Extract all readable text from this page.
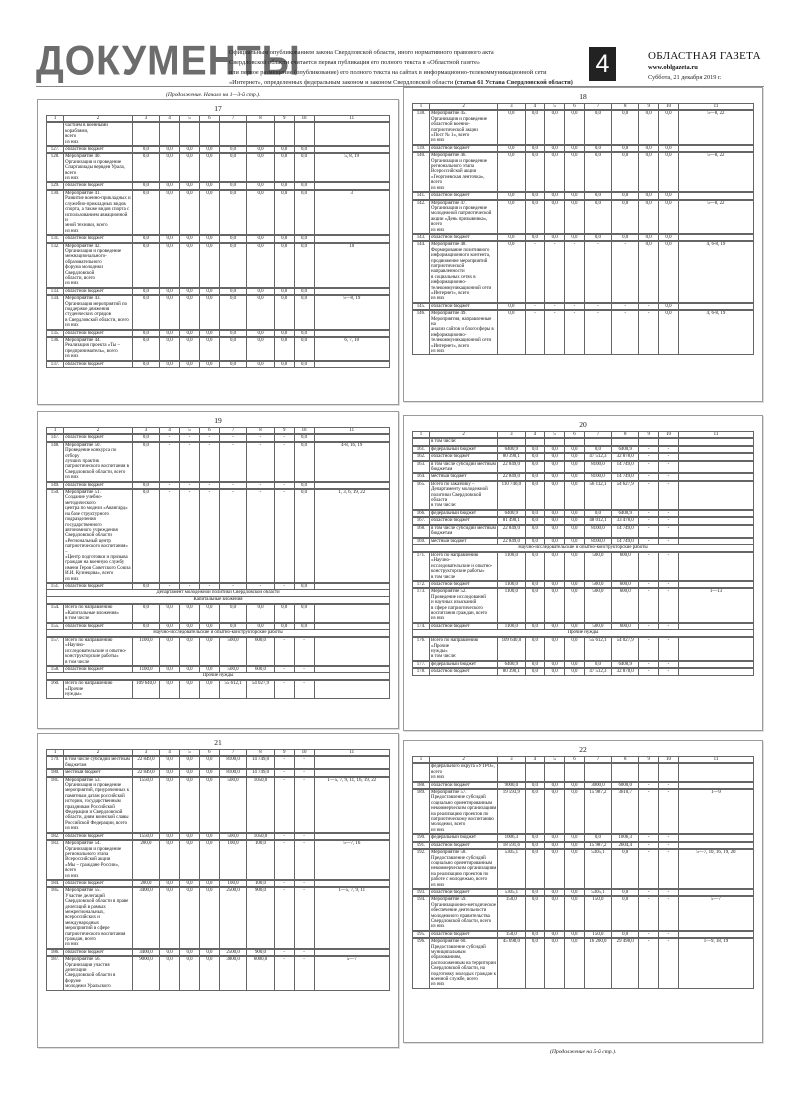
ДОКУМЕНТЫ
Официальным опубликованием закона Свердловской области, иного нормативного правового акта
Свердловской области считается первая публикация его полного текста в «Областной газете»
или первое размещение (опубликование) его полного текста на сайтах в информационно-телекоммуникационной сети
«Интернет», определенных федеральным законом и законом Свердловской области (статья 61 Устава Свердловской области)
4	ОБЛАСТНАЯ ГАЗЕТА
www.oblgazeta.ru
Суббота, 21 декабря 2019 г.
(Продолжение. Начало на 1—3-й стр.).
17
1	2	3	4	5	6	7	8	9	10	11
частием в военными кораблями,
всего
из них
127.	областной бюджет	0,0	0,0	0,0	0,0	0,0	0,0	0,0	0,0
128.	Мероприятие 40.
Организация и проведение
Спартакиады вервдев Урала,
всего
из них
0,0	0,0	0,0	0,0	0,0	0,0	0,0	0,0	5, 8, 19
129.	областной бюджет	0,0	0,0	0,0	0,0	0,0	0,0	0,0	0,0
130.	Мероприятие 41.
Развитие военно-прикладных и
служебно-прикладных видов
спорта, а также видов спорта с
использованием авиационной и
мной техники, всего
из них
0,0	0,0	0,0	0,0	0,0	0,0	0,0	0,0	3
131.	областной бюджет	0,0	0,0	0,0	0,0	0,0	0,0	0,0	0,0
132.	Мероприятие 42.
Организация и проведение
межнационального-образовательного
форума молодежи Свердловской
области, всего
из них
0,0	0,0	0,0	0,0	0,0	0,0	0,0	0,0	10
133.	областной бюджет	0,0	0,0	0,0	0,0	0,0	0,0	0,0	0,0
134.	Мероприятие 43.
Организация мероприятий по
поддержке движения
студенческих отрядов
в Свердловской области, всего
из них
0,0	0,0	0,0	0,0	0,0	0,0	0,0	0,0	5—8, 19
135.	областной бюджет	0,0	0,0	0,0	0,0	0,0	0,0	0,0	0,0
136.	Мероприятие 44.
Реализация проекта «Ты –
предприниматель», всего
из них
0,0	0,0	0,0	0,0	0,0	0,0	0,0	0,0	6, 7, 10
137.	областной бюджет	0,0	0,0	0,0	0,0	0,0	0,0	0,0	0,0
18
1	2	3	4	5	6	7	8	9	10	11
138.	Мероприятие 45.
Организация и проведение
областной военно-
патриотической акции
«Пост № 1», всего
из них
0,0	0,0	0,0	0,0	0,0	0,0	0,0	0,0	5—8, 22
139.	областной бюджет	0,0	0,0	0,0	0,0	0,0	0,0	0,0	0,0
140.	Мероприятие 46.
Организация и проведение
регионального этапа
Всероссийской акции
«Георгиевская ленточка», всего
из них
0,0	0,0	0,0	0,0	0,0	0,0	0,0	0,0	5—8, 22
141.	областной бюджет	0,0	0,0	0,0	0,0	0,0	0,0	0,0	0,0
142.	Мероприятие 47.
Организация и проведение
молодежной патриотической
акции «День призывника», всего
из них
0,0	0,0	0,0	0,0	0,0	0,0	0,0	0,0	5—8, 22
143.	областной бюджет	0,0	0,0	0,0	0,0	0,0	0,0	0,0	0,0
144.	Мероприятие 48.
Формирование позитивного
информационного контента,
продвижение мероприятий
патриотической направленности
в социальных сетях в
информационно-
телекоммуникационной сети
«Интернет», всего
из них
0,0	-	-	-	-	-	0,0	0,0	4, 6-8, 19
145.	областной бюджет	0,0	-	-	-	-	-	-	0,0
146.	Мероприятие 49.
Мероприятия, направленные на
анализ сайтов и блогосферы в
информационно-
телекоммуникационной сети
«Интернет», всего
из них
0,0	-	-	-	-	-	-	0,0	4, 6-8, 19
19
1	2	3	4	5	6	7	8	9	10	11
147.	областной бюджет	0,0	-	-	-	-	-	-	0,0
148.	Мероприятие 50.
Проведение конкурса по отбору
лучших практик
патриотического воспитания в
Свердловской области, всего
из них
0,0	-	-	-	-	-	-	0,0	4-8, 16, 19
149.	областной бюджет	0,0	-	-	-	-	-	-	0,0
150.	Мероприятие 51.
Создание учебно-методического
центра по модели «Авангард»
на базе структурного
подразделения государственного
автономного учреждения
Свердловской области
«Региональный центр
патриотического воспитания» –
«Центр подготовки и призыва
граждан на военную службу
имени Героя Советского Союза
И.И. Кузнецова», всего
из них
0,0	-	-	-	-	-	-	0,0	1, 3, 6, 19, 22
151.	областной бюджет	0,0	-	-	-	-	-	-	0,0
Департамент молодежной политики Свердловской области
Капитальные вложения
154.	Всего по направлению
«Капитальные вложения»
в том числе
0,0	0,0	0,0	0,0	0,0	0,0	0,0	0,0
155.	областной бюджет	0,0	0,0	0,0	0,0	0,0	0,0	0,0	0,0
Научно-исследовательские и опытно-конструкторские работы
157.	Всего по направлению «Научно-
исследовательские и опытно-
конструкторские работы»
в том числе
1100,0	0,0	0,0	0,0	500,0	600,0	-	-
158.	областной бюджет	1100,0	0,0	0,0	0,0	500,0	600,0	-	-
Прочие нужды
160.	Всего по направлению «Прочие
нужды»
109 640,0	0,0	0,0	0,0	55 612,1	54 027,9	-	-
20
1	2	3	4	5	6	7	8	9	10	11
в том числе:
161.	федеральный бюджет	6400,9	0,0	0,0	0,0	0,0	6400,9	-	-
162.	областной бюджет	80 390,1	0,0	0,0	0,0	47 512,3	32 878,0	-	-
163.	в том числе субсидии местным
бюджетам
22 849,0	0,0	0,0	0,0	8100,0	14 749,0	-	-
164.	местный бюджет	22 849,0	0,0	0,0	0,0	8100,0	14 749,0	-	-
165.	Всего по заказчику –
Департаменту молодежной
политики Свердловской области
в том числе:
110 740,0	0,0	0,0	0,0	56 112,1	54 627,9	-	-
166.	федеральный бюджет	6400,9	0,0	0,0	0,0	0,0	6400,9	-	-
167.	областной бюджет	81 490,1	0,0	0,0	0,0	48 012,1	33 478,0	-	-
168.	в том числе субсидии местным
бюджетам
22 849,0	0,0	0,0	0,0	8100,0	14 749,0	-	-
169.	местный бюджет	22 849,0	0,0	0,0	0,0	8100,0	14 749,0	-	-
Научно-исследовательские и опытно-конструкторские работы
171.	Всего по направлению «Научно-
исследовательские и опытно-
конструкторские работы»
в том числе
1100,0	0,0	0,0	0,0	500,0	600,0	-	-
172.	областной бюджет	1100,0	0,0	0,0	0,0	500,0	600,0	-	-
173.	Мероприятие 52.
Проведение исследований
и научных изысканий
в сфере патриотического
воспитания граждан, всего
из них
1100,0	0,0	0,0	0,0	500,0	600,0	-	-	1—13
174.	областной бюджет	1100,0	0,0	0,0	0,0	500,0	600,0	-	-
Прочие нужды
176.	Всего по направлению «Прочие
нужды»
в том числе:
109 640,0	0,0	0,0	0,0	55 612,1	54 027,9	-	-
177.	федеральный бюджет	6400,9	0,0	0,0	0,0	0,0	6400,9	-	-
178.	областной бюджет	80 390,1	0,0	0,0	0,0	47 512,3	32 878,0	-	-
21
1	2	3	4	5	6	7	8	9	10	11
179.	в том числе субсидии местным
бюджетам
22 849,0	0,0	0,0	0,0	8100,0	14 749,0	-	-
180.	местный бюджет	22 849,0	0,0	0,0	0,0	8100,0	14 749,0	-	-
181.	Мероприятие 53.
Организация и проведение
мероприятий, приуроченных к
памятным датам российской
истории, государственным
праздникам Российской
Федерации и Свердловской
области, дням воинской славы
Российской Федерации, всего
из них
1550,0	0,0	0,0	0,0	500,0	1050,0	-	-	1—5, 7, 9, 11, 16, 19, 22
182.	областной бюджет	1550,0	0,0	0,0	0,0	500,0	1050,0	-	-
183.	Мероприятие 54.
Организация и проведение
регионального этапа
Всероссийской акции
«Мы – граждане России», всего
из них
200,0	0,0	0,0	0,0	100,0	100,0	-	-	5—7, 16
184.	областной бюджет	200,0	0,0	0,0	0,0	100,0	100,0	-	-
185.	Мероприятие 55.
Участие делегаций
Свердловской области в праве
делегаций в рамках
межрегиональных,
всероссийских и международных
мероприятий в сфере
патриотического воспитания
граждан, всего
из них
3400,0	0,0	0,0	0,0	2500,0	900,0	-	-	1—5, 7, 9, 11
186.	областной бюджет	3400,0	0,0	0,0	0,0	2500,0	900,0	-	-
187.	Мероприятие 56.
Организация участия делегации
Свердловской области в форуме
молодежи Уральского
9000,0	0,0	0,0	0,0	3000,0	6000,0	-	-	5—7
22
1	2	3	4	5	6	7	8	9	10	11
федерального округа «УТРО»,
всего
из них
188.	областной бюджет	9000,0	0,0	0,0	0,0	3000,0	6000,0	-	-
189.	Мероприятие 57.
Предоставление субсидий
социально ориентированным
некоммерческим организациям
на реализацию проектов по
патриотическому воспитанию
молодежи, всего
из них
19 593,9	0,0	0,0	0,0	15 987,2	3610,7	-	-	1—9
190.	федеральный бюджет	1006,3	0,0	0,0	0,0	0,0	1006,3	-	-
191.	областной бюджет	18 591,6	0,0	0,0	0,0	15 987,2	2604,4	-	-
192.	Мероприятие 58.
Предоставление субсидий
социально ориентированным
некоммерческим организациям
на реализацию проектов по
работе с молодежью, всего
из них
5305,1	0,0	0,0	0,0	5305,1	0,0	-	-	5—7, 10, 16, 19, 20
193.	областной бюджет	5305,1	0,0	0,0	0,0	5305,1	0,0	-	-
194.	Мероприятие 59.
Организационно-методическое
обеспечение деятельности
молодежного правительства
Свердловской области, всего
из них
150,0	0,0	0,0	0,0	150,0	0,0	-	-	5—7
195.	областной бюджет	150,0	0,0	0,0	0,0	150,0	0,0	-	-
196.	Мероприятие 60.
Предоставление субсидий
муниципальным образованиям,
расположенным на территории
Свердловской области, на
подготовку молодых граждан к
военной службе, всего
из них
45 698,0	0,0	0,0	0,0	16 200,0	29 498,0	-	-	1—9, 18, 19
(Продолжение на 5-й стр.).
